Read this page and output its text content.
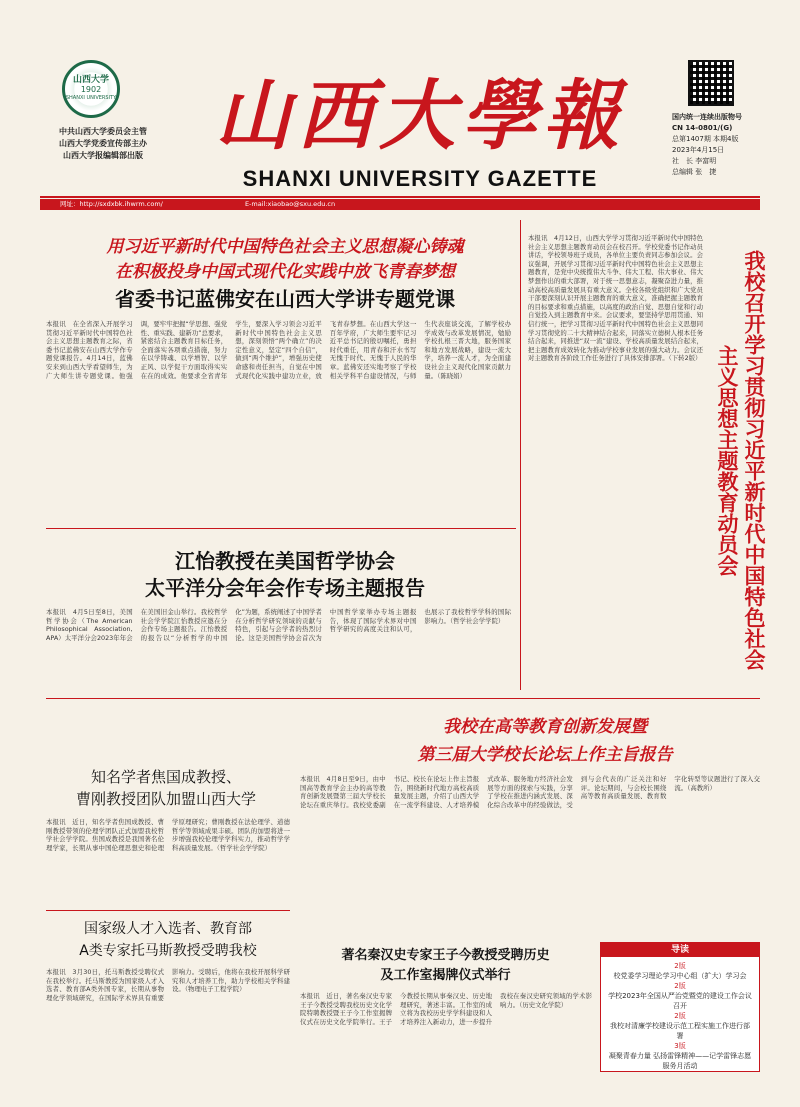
山西大学
1902
SHANXI UNIVERSITY
中共山西大学委员会主管
山西大学党委宣传部主办
山西大学报编辑部出版 山西大學報
SHANXI UNIVERSITY GAZETTE
国内统一连续出版物号
CN 14-0801/(G)
总第1407期 本期4版
2023年4月15日
社　长 李富明
总编辑 张　捷
网址：http://sxdxbk.ihwrm.com/	E-mail:xiaobao@sxu.edu.cn
用习近平新时代中国特色社会主义思想凝心铸魂
在积极投身中国式现代化实践中放飞青春梦想
省委书记蓝佛安在山西大学讲专题党课
本报讯　在全省深入开展学习贯彻习近平新时代中国特色社会主义思想主题教育之际，省委书记蓝佛安在山西大学作专题党课报告。4月14日，蓝佛安来到山西大学看望师生，为广大师生讲专题党课。他强调，要牢牢把握“学思想、强党性、重实践、建新功”总要求，紧密结合主题教育目标任务，全面落实各项重点措施，努力在以学铸魂、以学增智、以学正风、以学促干方面取得实实在在的成效。他要求全省青年学生，要深入学习领会习近平新时代中国特色社会主义思想，深刻领悟“两个确立”的决定性意义，坚定“四个自信”，做到“两个维护”，增强历史使命感和责任担当，自觉在中国式现代化实践中建功立业，放飞青春梦想。在山西大学这一百年学府，广大师生要牢记习近平总书记的殷切嘱托，勇担时代重任，用青春和汗水书写无愧于时代、无愧于人民的华章。蓝佛安还实地考察了学校相关学科平台建设情况，与师生代表座谈交流，了解学校办学成效与改革发展情况，勉励学校扎根三晋大地，服务国家和地方发展战略，建设一流大学，培养一流人才，为全面建设社会主义现代化国家贡献力量。（陈晓娟）
本报讯　4月12日，山西大学学习贯彻习近平新时代中国特色社会主义思想主题教育动员会在校召开。学校党委书记作动员讲话，学校领导班子成员，各单位主要负责同志参加会议。会议强调，开展学习贯彻习近平新时代中国特色社会主义思想主题教育，是党中央统揽伟大斗争、伟大工程、伟大事业、伟大梦想作出的重大部署，对于统一思想意志，凝聚奋进力量，推动高校高质量发展具有重大意义。全校各级党组织和广大党员干部要深刻认识开展主题教育的重大意义，准确把握主题教育的目标要求和重点措施，以高度的政治自觉、思想自觉和行动自觉投入到主题教育中来。会议要求，要坚持学思用贯通、知信行统一，把学习贯彻习近平新时代中国特色社会主义思想同学习贯彻党的二十大精神结合起来，同落实立德树人根本任务结合起来，同推进“双一流”建设、学校高质量发展结合起来，把主题教育成效转化为推动学校事业发展的强大动力。会议还对主题教育各阶段工作任务进行了具体安排部署。（下转2版）	我校召开学习贯彻习近平新时代中国特色社会主义思想主题教育动员会
江怡教授在美国哲学协会
太平洋分会年会作专场主题报告
本报讯　4月5日至8日，美国哲学协会（The American Philosophical Association, APA）太平洋分会2023年年会在美国旧金山举行。我校哲学社会学学院江怡教授应邀在分会作专场主题报告。江怡教授的报告以“分析哲学的中国化”为题，系统阐述了中国学者在分析哲学研究领域的贡献与特色，引起与会学者的热烈讨论。这是美国哲学协会首次为中国哲学家举办专场主题报告，体现了国际学术界对中国哲学研究的高度关注和认可，也展示了我校哲学学科的国际影响力。（哲学社会学学院）
我校在高等教育创新发展暨
第三届大学校长论坛上作主旨报告
本报讯　4月8日至9日，由中国高等教育学会主办的高等教育创新发展暨第三届大学校长论坛在重庆举行。我校党委副书记、校长在论坛上作主旨报告，围绕新时代地方高校高质量发展主题，介绍了山西大学在一流学科建设、人才培养模式改革、服务地方经济社会发展等方面的探索与实践，分享了学校在推进内涵式发展、深化综合改革中的经验做法，受到与会代表的广泛关注和好评。论坛期间，与会校长围绕高等教育高质量发展、教育数字化转型等议题进行了深入交流。（高教所）
知名学者焦国成教授、
曹刚教授团队加盟山西大学
本报讯　近日，知名学者焦国成教授、曹刚教授带领的伦理学团队正式加盟我校哲学社会学学院。焦国成教授是我国著名伦理学家，长期从事中国伦理思想史和伦理学原理研究；曹刚教授在法伦理学、道德哲学等领域成果丰硕。团队的加盟将进一步增强我校伦理学学科实力，推动哲学学科高质量发展。（哲学社会学学院）
国家级人才入选者、教育部
A类专家托马斯教授受聘我校
本报讯　3月30日，托马斯教授受聘仪式在我校举行。托马斯教授为国家级人才入选者、教育部A类外国专家，长期从事物理化学领域研究，在国际学术界具有重要影响力。受聘后，他将在我校开展科学研究和人才培养工作，助力学校相关学科建设。（物理电子工程学院）
著名秦汉史专家王子今教授受聘历史
及工作室揭牌仪式举行
本报讯　近日，著名秦汉史专家王子今教授受聘我校历史文化学院特聘教授暨王子今工作室揭牌仪式在历史文化学院举行。王子今教授长期从事秦汉史、历史地理研究，著述丰富。工作室的成立将为我校历史学学科建设和人才培养注入新动力，进一步提升我校在秦汉史研究领域的学术影响力。（历史文化学院）
导读
2版
校党委学习理论学习中心组（扩大）学习会
2版
学校2023年全国从严治党暨党的建设工作会议召开
2版
我校对清廉学校建设示范工程实施工作进行部署
3版
凝聚青春力量 弘扬雷锋精神——记学雷锋志愿服务月活动
